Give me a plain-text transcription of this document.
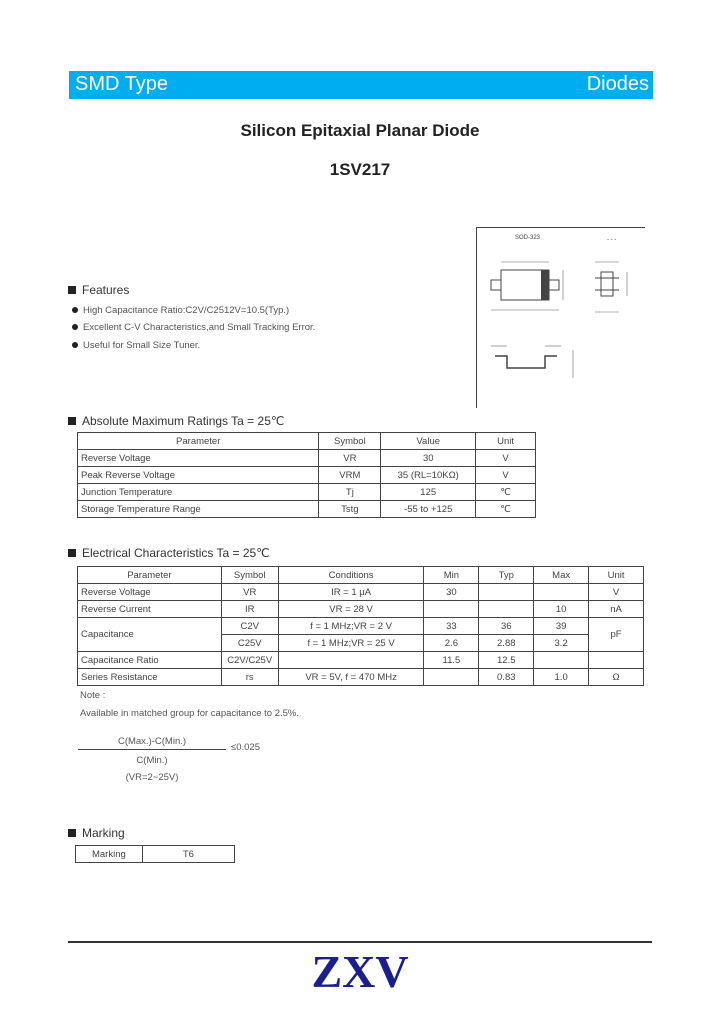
SMD Type	Diodes
Silicon Epitaxial Planar Diode
1SV217
SOD-323	- - -
Features
High Capacitance Ratio:C2V/C2512V=10.5(Typ.)
Excellent C-V Characteristics,and Small Tracking Error.
Useful for Small Size Tuner.
Absolute Maximum Ratings Ta = 25℃
Parameter	Symbol	Value	Unit
Reverse Voltage	VR	30	V
Peak Reverse Voltage	VRM	35 (RL=10KΩ)	V
Junction Temperature	Tj	125	℃
Storage Temperature Range	Tstg	-55 to +125	℃
Electrical Characteristics Ta = 25℃
Parameter	Symbol	Conditions	Min	Typ	Max	Unit
Reverse Voltage	VR	IR = 1 μA	30			V
Reverse Current	IR	VR = 28 V			10	nA
Capacitance	C2V	f = 1 MHz;VR = 2 V	33	36	39	pF
	C25V	f = 1 MHz;VR = 25 V	2.6	2.88	3.2	
Capacitance Ratio	C2V/C25V		11.5	12.5		
Series Resistance	rs	VR = 5V, f = 470 MHz		0.83	1.0	Ω
Note :
Available in matched group for capacitance to 2.5%.
C(Max.)-C(Min.)
≤0.025
C(Min.)
(VR=2~25V)
Marking
Marking	T6
ZXV
